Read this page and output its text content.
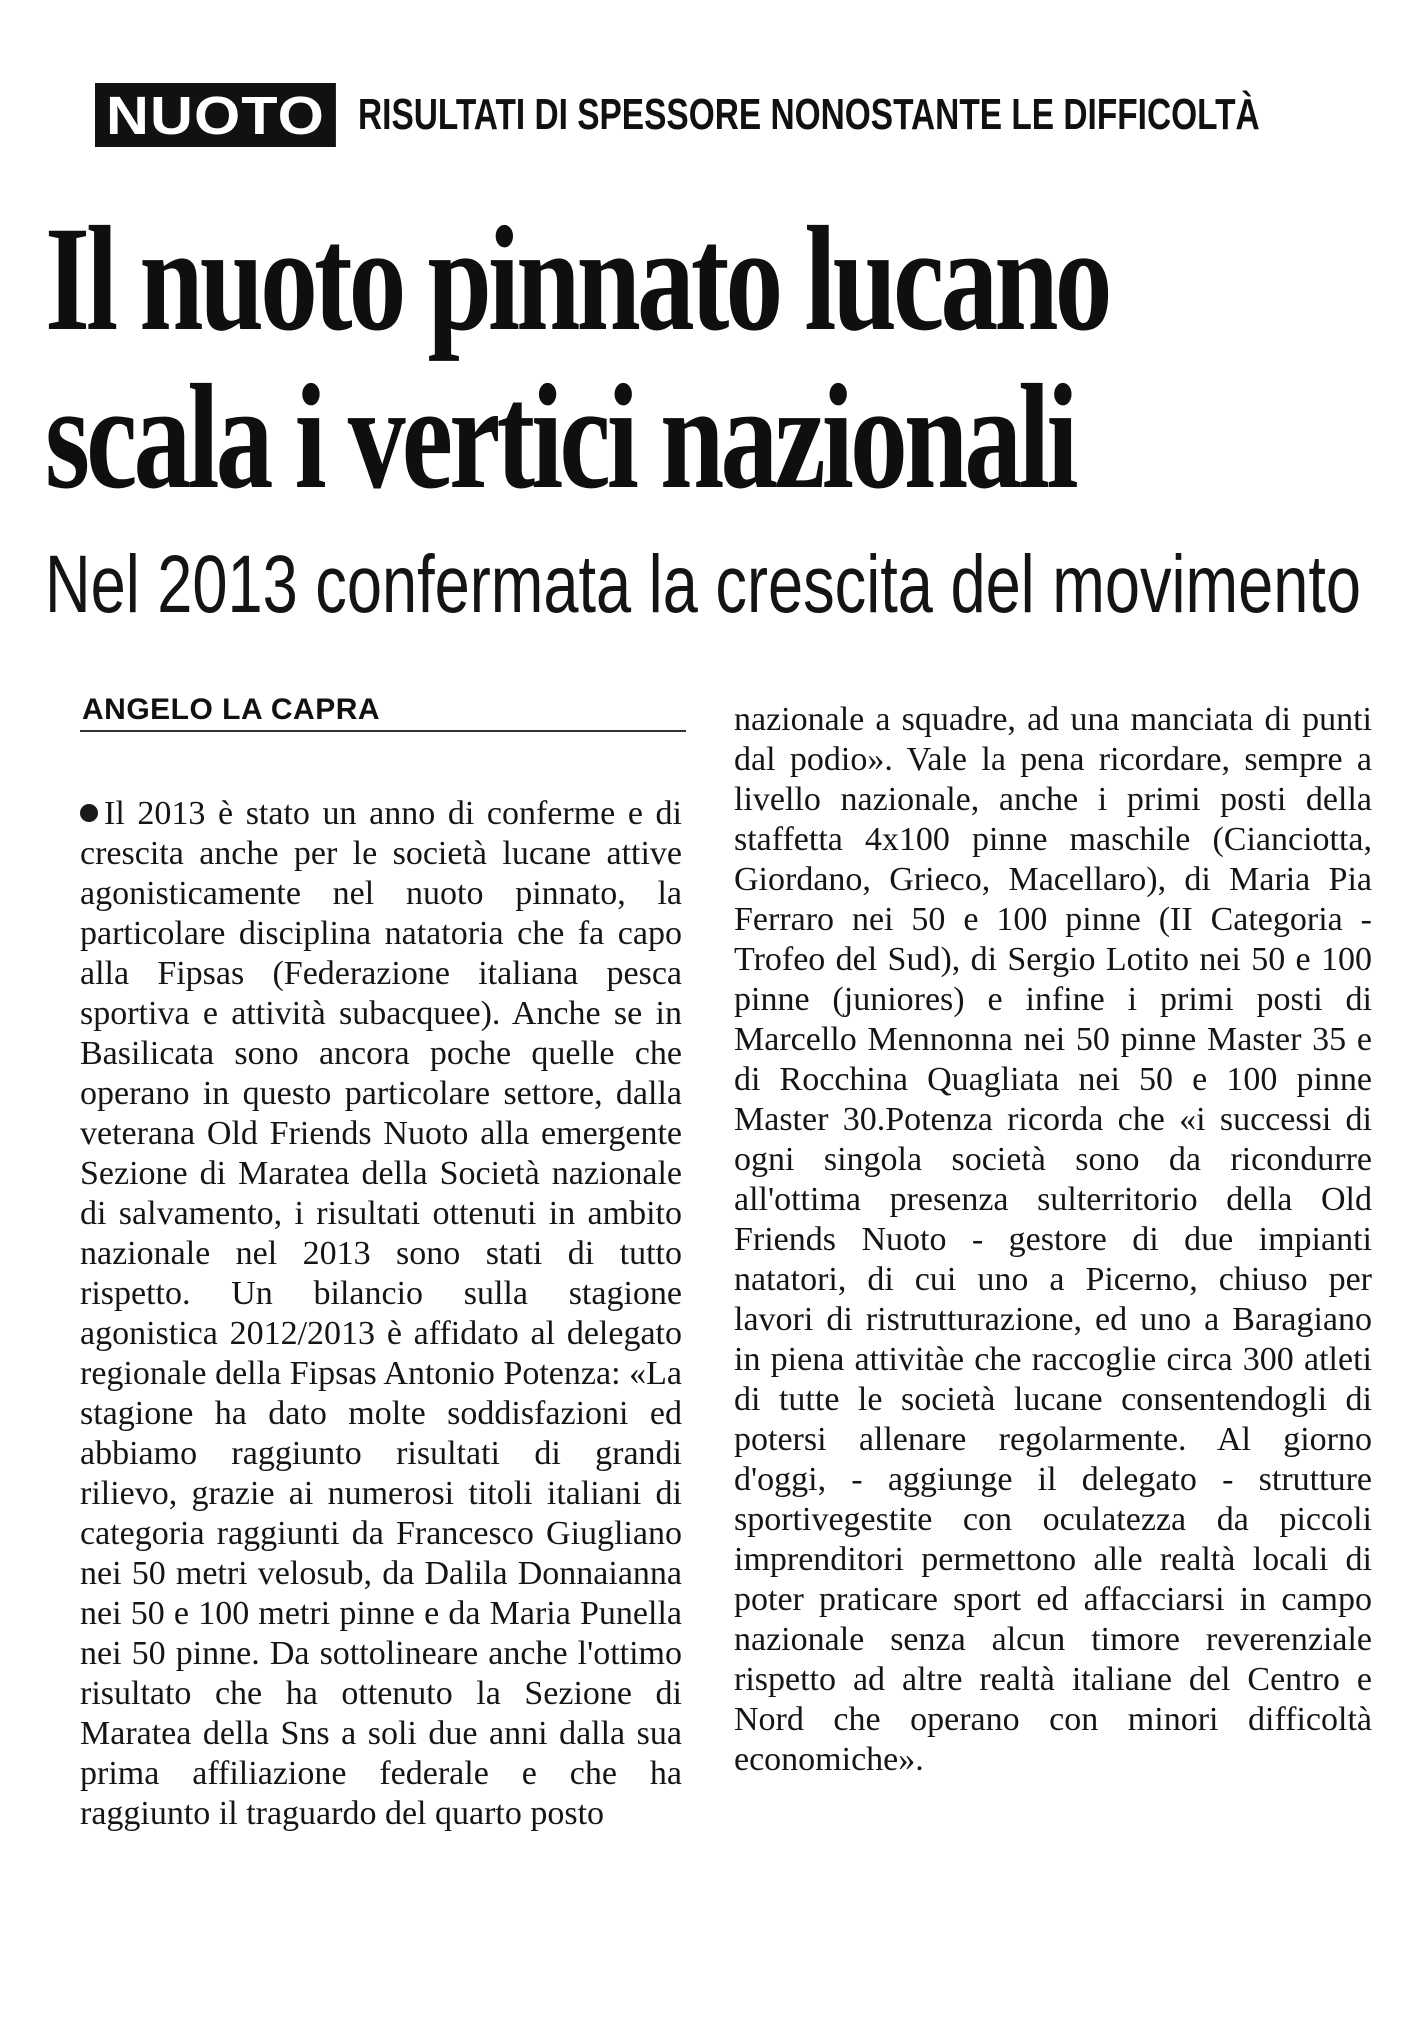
NUOTO RISULTATI DI SPESSORE NONOSTANTE LE DIFFICOLTÀ
Il nuoto pinnato lucano
scala i vertici nazionali
Nel 2013 confermata la crescita del movimento
ANGELO LA CAPRA

Il 2013 è stato un anno di conferme e di crescita anche per le società lucane attive agonisticamente nel nuoto pinnato, la particolare disciplina natatoria che fa capo alla Fipsas (Federazione italiana pesca sportiva e attività subacquee). Anche se in Basilicata sono ancora poche quelle che operano in questo particolare settore, dalla veterana Old Friends Nuoto alla emergente Sezione di Maratea della Società nazionale di salvamento, i risultati ottenuti in ambito nazionale nel 2013 sono stati di tutto rispetto. Un bilancio sulla stagione agonistica 2012/2013 è affidato al delegato regionale della Fipsas Antonio Potenza: «La stagione ha dato molte soddisfazioni ed abbiamo raggiunto risultati di grandi rilievo, grazie ai numerosi titoli italiani di categoria raggiunti da Francesco Giugliano nei 50 metri velosub, da Dalila Donnaianna nei 50 e 100 metri pinne e da Maria Punella nei 50 pinne. Da sottolineare anche l'ottimo risultato che ha ottenuto la Sezione di Maratea della Sns a soli due anni dalla sua prima affiliazione federale e che ha raggiunto il traguardo del quarto posto

nazionale a squadre, ad una manciata di punti dal podio». Vale la pena ricordare, sempre a livello nazionale, anche i primi posti della staffetta 4x100 pinne maschile (Cianciotta, Giordano, Grieco, Macellaro), di Maria Pia Ferraro nei 50 e 100 pinne (II Categoria - Trofeo del Sud), di Sergio Lotito nei 50 e 100 pinne (juniores) e infine i primi posti di Marcello Mennonna nei 50 pinne Master 35 e di Rocchina Quagliata nei 50 e 100 pinne Master 30.Potenza ricorda che «i successi di ogni singola società sono da ricondurre all'ottima presenza sulterritorio della Old Friends Nuoto - gestore di due impianti natatori, di cui uno a Picerno, chiuso per lavori di ristrutturazione, ed uno a Baragiano in piena attivitàe che raccoglie circa 300 atleti di tutte le società lucane consentendogli di potersi allenare regolarmente. Al giorno d'oggi, - aggiunge il delegato - strutture sportivegestite con oculatezza da piccoli imprenditori permettono alle realtà locali di poter praticare sport ed affacciarsi in campo nazionale senza alcun timore reverenziale rispetto ad altre realtà italiane del Centro e Nord che operano con minori difficoltà economiche».
